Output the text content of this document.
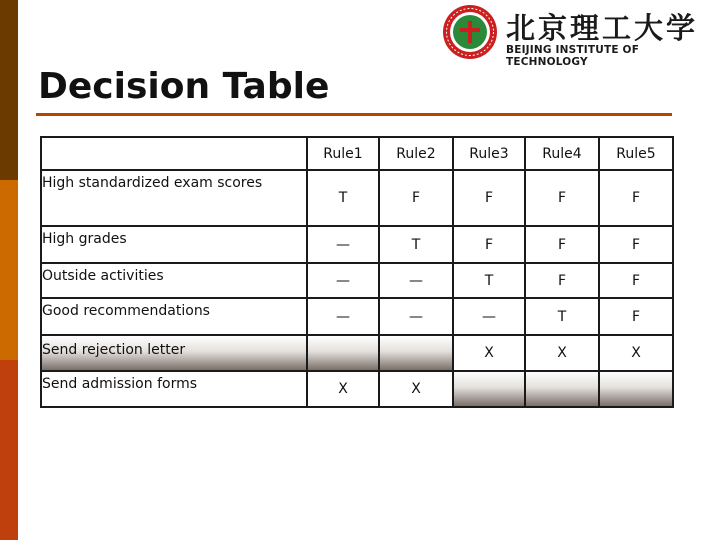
北京理工大学
BEIJING INSTITUTE OF TECHNOLOGY
Decision Table
	Rule1	Rule2	Rule3	Rule4	Rule5
High standardized exam scores	T	F	F	F	F
High grades	—	T	F	F	F
Outside activities	—	—	T	F	F
Good recommendations	—	—	—	T	F
Send rejection letter			X	X	X
Send admission forms	X	X			
